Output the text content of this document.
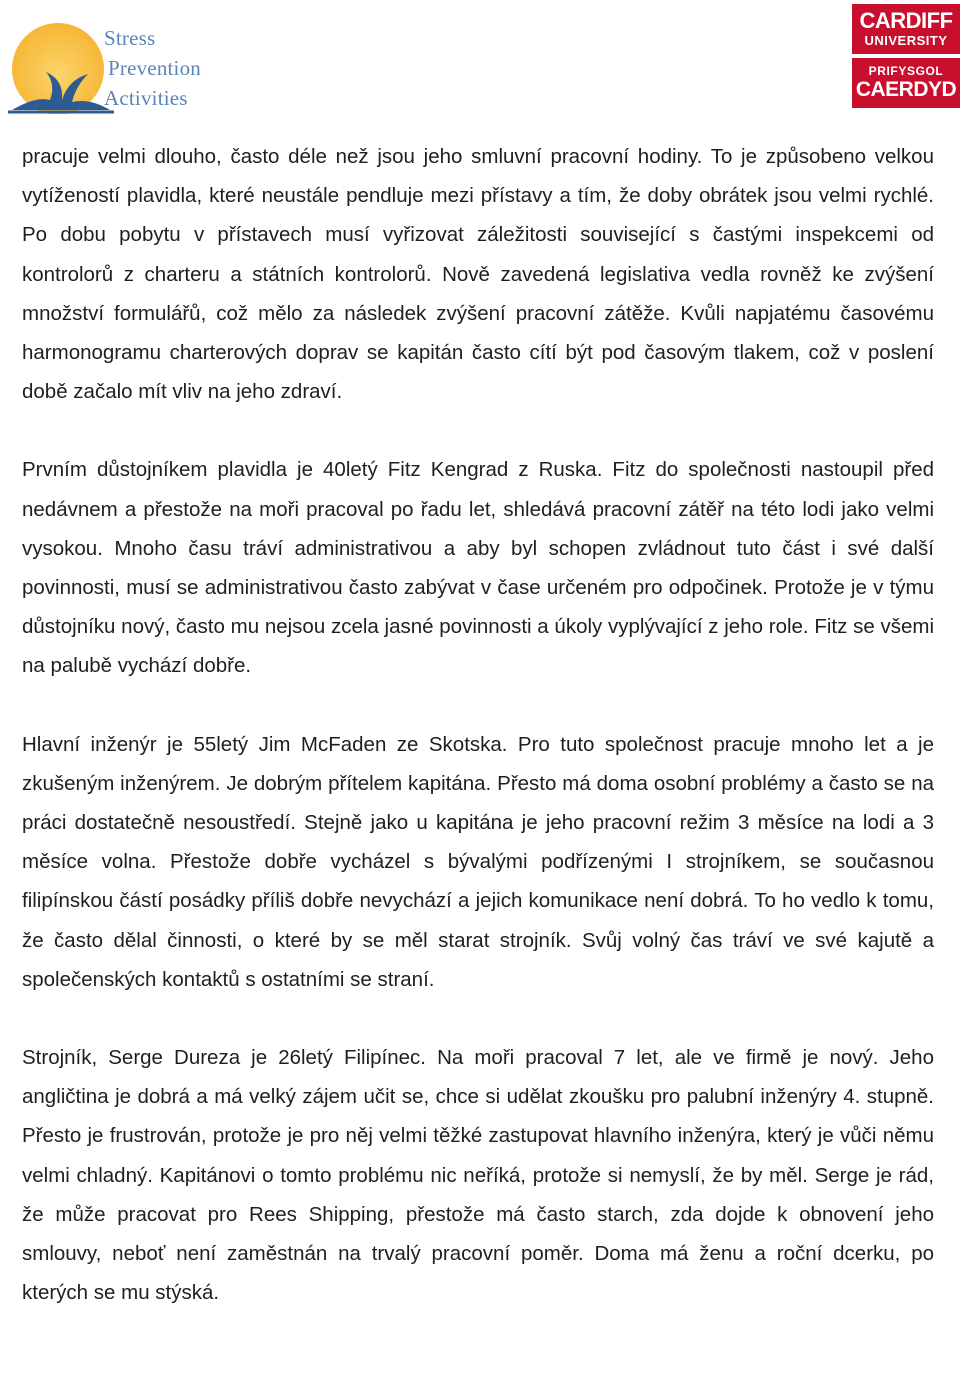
Stress
Prevention
Activities
CARDIFF
UNIVERSITY
PRIFYSGOL
CAERDYD

pracuje velmi dlouho, často déle než jsou jeho smluvní pracovní hodiny. To je způsobeno velkou vytížeností plavidla, které neustále pendluje mezi přístavy a tím, že doby obrátek jsou velmi rychlé. Po dobu pobytu v přístavech musí vyřizovat záležitosti související s častými inspekcemi od kontrolorů z charteru a státních kontrolorů. Nově zavedená legislativa vedla rovněž ke zvýšení množství formulářů, což mělo za následek zvýšení pracovní zátěže. Kvůli napjatému časovému harmonogramu charterových doprav se kapitán často cítí být pod časovým tlakem, což v poslení době začalo mít vliv na jeho zdraví.

Prvním důstojníkem plavidla je 40letý Fitz Kengrad z Ruska. Fitz do společnosti nastoupil před nedávnem a přestože na moři pracoval po řadu let, shledává pracovní zátěř na této lodi jako velmi vysokou. Mnoho času tráví administrativou a aby byl schopen zvládnout tuto část i své další povinnosti, musí se administrativou často zabývat v čase určeném pro odpočinek. Protože je v týmu důstojníku nový, často mu nejsou zcela jasné povinnosti a úkoly vyplývající z jeho role. Fitz se všemi na palubě vychází dobře.

Hlavní inženýr je 55letý Jim McFaden ze Skotska. Pro tuto společnost pracuje mnoho let a je zkušeným inženýrem. Je dobrým přítelem kapitána. Přesto má doma osobní problémy a často se na práci dostatečně nesoustředí. Stejně jako u kapitána je jeho pracovní režim 3 měsíce na lodi a 3 měsíce volna. Přestože dobře vycházel s bývalými podřízenými I strojníkem, se současnou filipínskou částí posádky příliš dobře nevychází a jejich komunikace není dobrá. To ho vedlo k tomu, že často dělal činnosti, o které by se měl starat strojník. Svůj volný čas tráví ve své kajutě a společenských kontaktů s ostatními se straní.

Strojník, Serge Dureza je 26letý Filipínec. Na moři pracoval 7 let, ale ve firmě je nový. Jeho angličtina je dobrá a má velký zájem učit se, chce si udělat zkoušku pro palubní inženýry 4. stupně. Přesto je frustrován, protože je pro něj velmi těžké zastupovat hlavního inženýra, který je vůči němu velmi chladný. Kapitánovi o tomto problému nic neříká, protože si nemyslí, že by měl. Serge je rád, že může pracovat pro Rees Shipping, přestože má často starch, zda dojde k obnovení jeho smlouvy, neboť není zaměstnán na trvalý pracovní poměr. Doma má ženu a roční dcerku, po kterých se mu stýská.
